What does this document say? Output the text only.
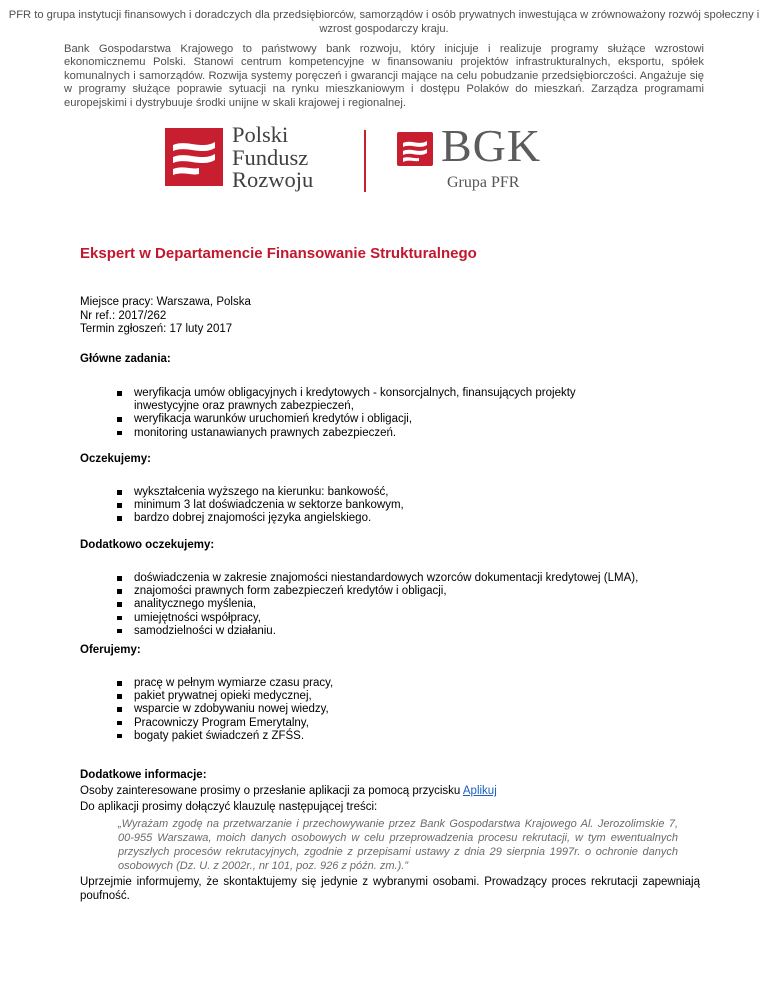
PFR to grupa instytucji finansowych i doradczych dla przedsiębiorców, samorządów i osób prywatnych inwestująca w zrównoważony rozwój społeczny i wzrost gospodarczy kraju.
Bank Gospodarstwa Krajowego to państwowy bank rozwoju, który inicjuje i realizuje programy służące wzrostowi ekonomicznemu Polski. Stanowi centrum kompetencyjne w finansowaniu projektów infrastrukturalnych, eksportu, spółek komunalnych i samorządów. Rozwija systemy poręczeń i gwarancji mające na celu pobudzanie przedsiębiorczości. Angażuje się w programy służące poprawie sytuacji na rynku mieszkaniowym i dostępu Polaków do mieszkań. Zarządza programami europejskimi i dystrybuuje środki unijne w skali krajowej i regionalnej.
Polski
Fundusz
Rozwoju
BGK
Grupa PFR
Ekspert w Departamencie Finansowanie Strukturalnego
Miejsce pracy: Warszawa, Polska
Nr ref.: 2017/262
Termin zgłoszeń: 17 luty 2017
Główne zadania:
weryfikacja umów obligacyjnych i kredytowych - konsorcjalnych, finansujących projekty inwestycyjne oraz prawnych zabezpieczeń,
weryfikacja warunków uruchomień kredytów i obligacji,
monitoring ustanawianych prawnych zabezpieczeń.
Oczekujemy:
wykształcenia wyższego na kierunku: bankowość,
minimum 3 lat doświadczenia w sektorze bankowym,
bardzo dobrej znajomości języka angielskiego.
Dodatkowo oczekujemy:
doświadczenia w zakresie znajomości niestandardowych wzorców dokumentacji kredytowej (LMA),
znajomości prawnych form zabezpieczeń kredytów i obligacji,
analitycznego myślenia,
umiejętności współpracy,
samodzielności w działaniu.
Oferujemy:
pracę w pełnym wymiarze czasu pracy,
pakiet prywatnej opieki medycznej,
wsparcie w zdobywaniu nowej wiedzy,
Pracowniczy Program Emerytalny,
bogaty pakiet świadczeń z ZFŚS.
Dodatkowe informacje:
Osoby zainteresowane prosimy o przesłanie aplikacji za pomocą przycisku Aplikuj
Do aplikacji prosimy dołączyć klauzulę następującej treści:
„Wyrażam zgodę na przetwarzanie i przechowywanie przez Bank Gospodarstwa Krajowego Al. Jerozolimskie 7, 00-955 Warszawa, moich danych osobowych w celu przeprowadzenia procesu rekrutacji, w tym ewentualnych przyszłych procesów rekrutacyjnych, zgodnie z przepisami ustawy z dnia 29 sierpnia 1997r. o ochronie danych osobowych (Dz. U. z 2002r., nr 101, poz. 926 z późn. zm.).”
Uprzejmie informujemy, że skontaktujemy się jedynie z wybranymi osobami. Prowadzący proces rekrutacji zapewniają poufność.
